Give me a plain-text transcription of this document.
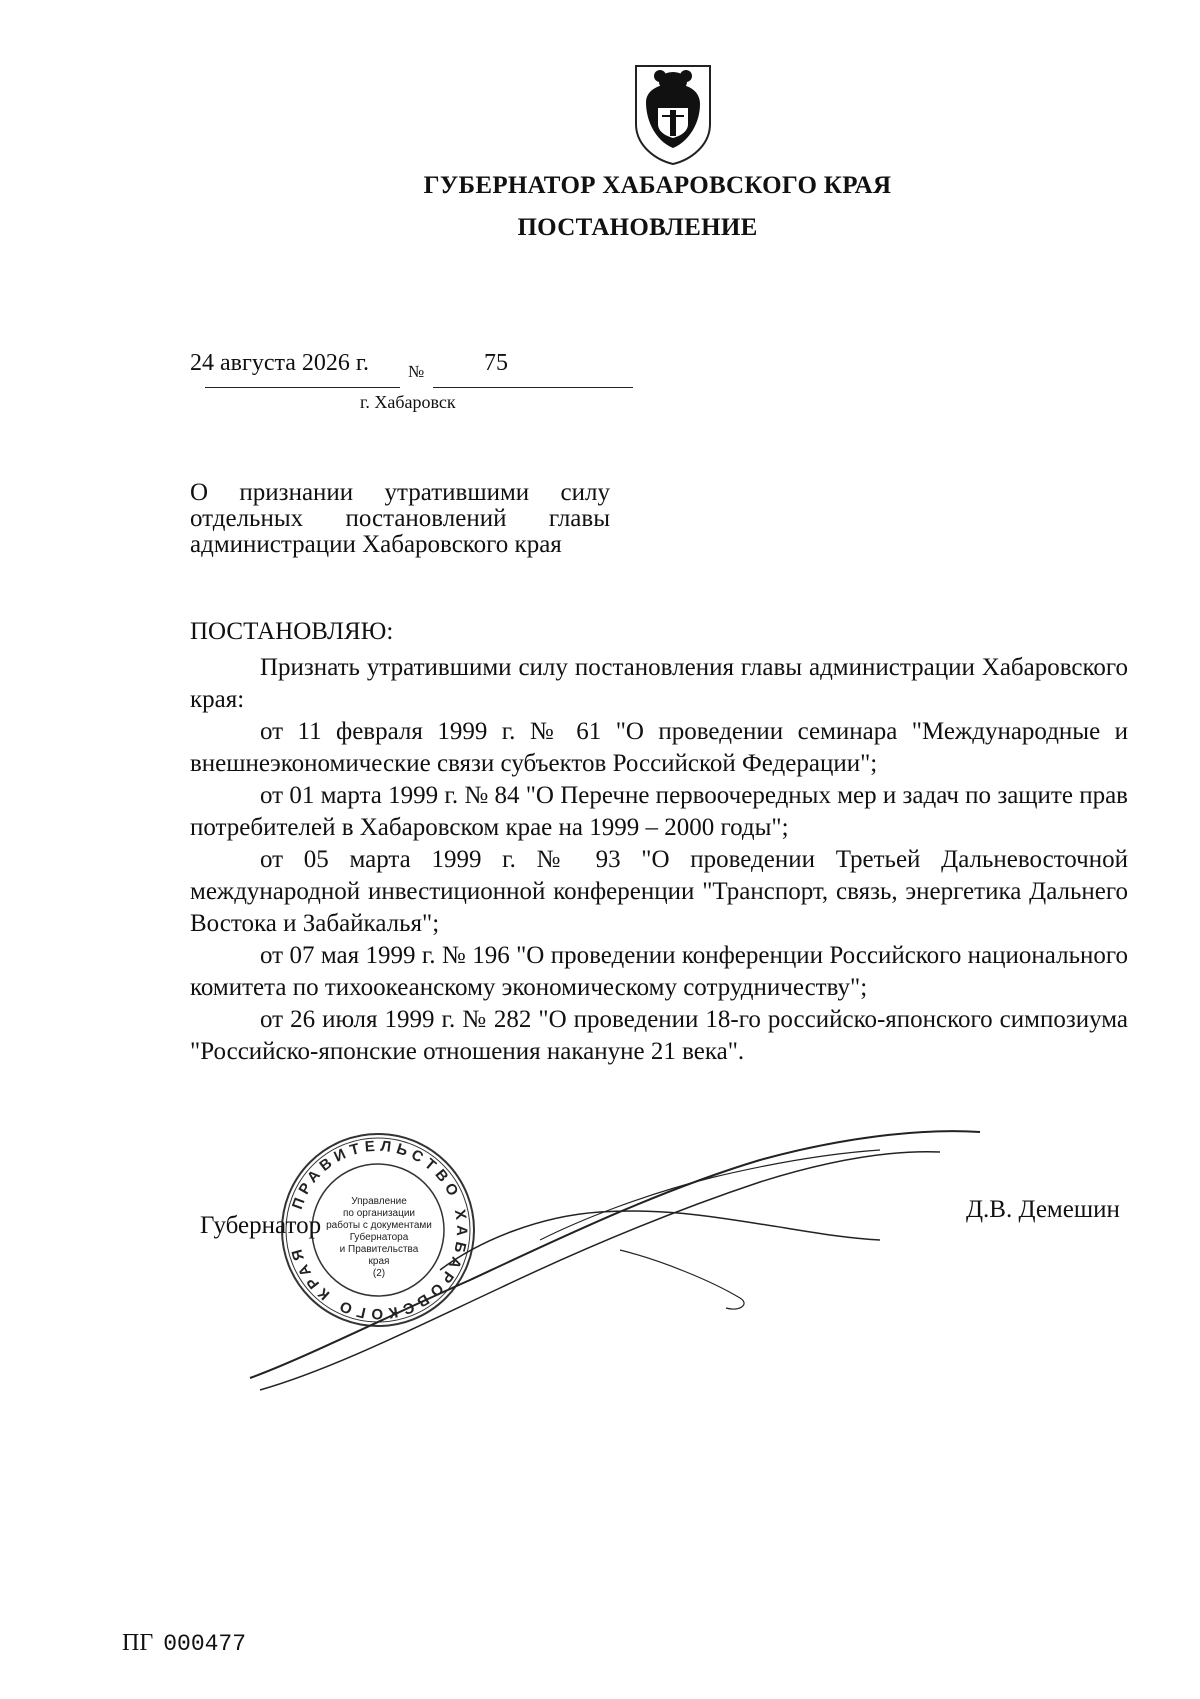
ГУБЕРНАТОР ХАБАРОВСКОГО КРАЯ
ПОСТАНОВЛЕНИЕ
24 августа 2026 г. № 75
г. Хабаровск
О признании утратившими силу
отдельных постановлений главы
администрации Хабаровского края
ПОСТАНОВЛЯЮ:

Признать утратившими силу постановления главы администрации Хабаровского края:

от 11 февраля 1999 г. № 61 "О проведении семинара "Международные и внешнеэкономические связи субъектов Российской Федерации";

от 01 марта 1999 г. № 84 "О Перечне первоочередных мер и задач по защите прав потребителей в Хабаровском крае на 1999 – 2000 годы";

от 05 марта 1999 г. № 93 "О проведении Третьей Дальневосточной международной инвестиционной конференции "Транспорт, связь, энергетика Дальнего Востока и Забайкалья";

от 07 мая 1999 г. № 196 "О проведении конференции Российского национального комитета по тихоокеанскому экономическому сотрудничеству";

от 26 июля 1999 г. № 282 "О проведении 18-го российско-японского симпозиума "Российско-японские отношения накануне 21 века".

ПРАВИТЕЛЬСТВО ХАБАРОВСКОГО КРАЯ
Управление
по организации
работы с документами
Губернатора
и Правительства
края
(2)
Губернатор
Д.В. Демешин
ПГ 000477
